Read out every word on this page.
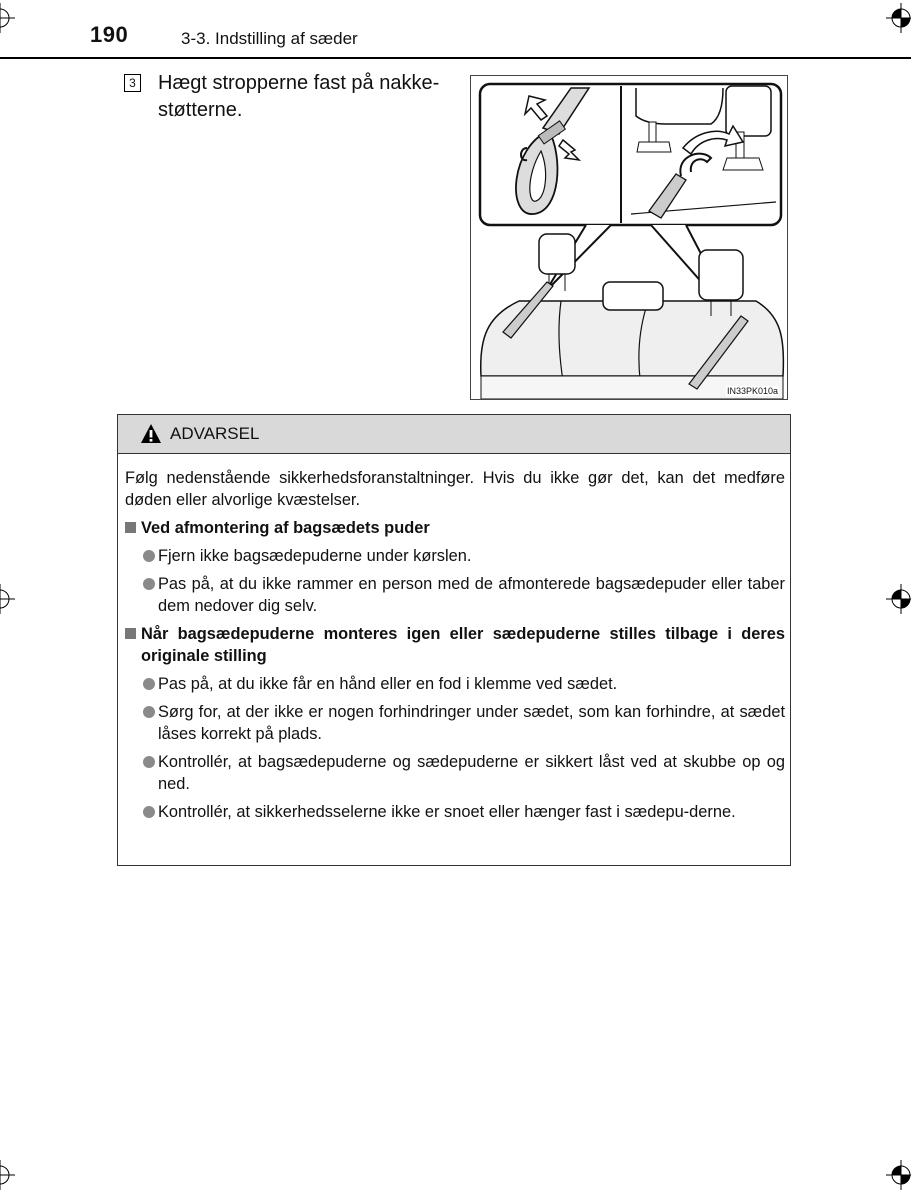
190	3-3. Indstilling af sæder
3 Hægt stropperne fast på nakke-
støtterne.
IN33PK010a
ADVARSEL

Følg nedenstående sikkerhedsforanstaltninger. Hvis du ikke gør det, kan det medføre døden eller alvorlige kvæstelser.

Ved afmontering af bagsædets puder
Fjern ikke bagsædepuderne under kørslen.
Pas på, at du ikke rammer en person med de afmonterede bagsædepuder eller taber dem nedover dig selv.
Når bagsædepuderne monteres igen eller sædepuderne stilles tilbage i deres originale stilling
Pas på, at du ikke får en hånd eller en fod i klemme ved sædet.
Sørg for, at der ikke er nogen forhindringer under sædet, som kan forhindre, at sædet låses korrekt på plads.
Kontrollér, at bagsædepuderne og sædepuderne er sikkert låst ved at skubbe op og ned.
Kontrollér, at sikkerhedsselerne ikke er snoet eller hænger fast i sædepu-derne.
